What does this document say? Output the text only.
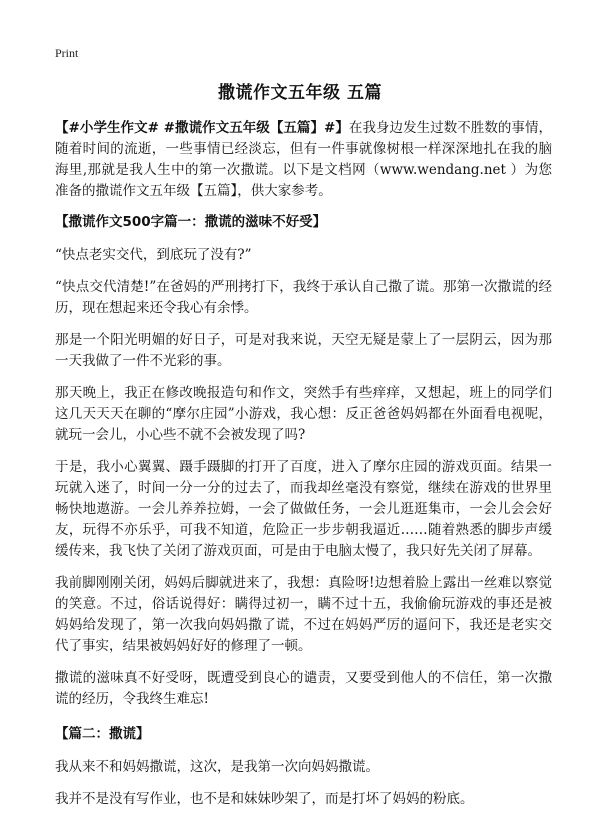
Print
撒谎作文五年级 五篇

【#小学生作文# #撒谎作文五年级【五篇】#】在我身边发生过数不胜数的事情，随着时间的流逝，一些事情已经淡忘，但有一件事就像树根一样深深地扎在我的脑海里,那就是我人生中的第一次撒谎。以下是文档网（www.wendang.net ）为您准备的撒谎作文五年级【五篇】，供大家参考。

【撒谎作文500字篇一：撒谎的滋味不好受】

“快点老实交代，到底玩了没有?”

“快点交代清楚!”在爸妈的严刑拷打下，我终于承认自己撒了谎。那第一次撒谎的经历，现在想起来还令我心有余悸。

那是一个阳光明媚的好日子，可是对我来说，天空无疑是蒙上了一层阴云，因为那一天我做了一件不光彩的事。

那天晚上，我正在修改晚报造句和作文，突然手有些痒痒，又想起，班上的同学们这几天天天在聊的“摩尔庄园”小游戏，我心想：反正爸爸妈妈都在外面看电视呢，就玩一会儿，小心些不就不会被发现了吗?

于是，我小心翼翼、蹑手蹑脚的打开了百度，进入了摩尔庄园的游戏页面。结果一玩就入迷了，时间一分一分的过去了，而我却丝毫没有察觉，继续在游戏的世界里畅快地遨游。一会儿养养拉姆，一会了做做任务，一会儿逛逛集市，一会儿会会好友，玩得不亦乐乎，可我不知道，危险正一步步朝我逼近……随着熟悉的脚步声缓缓传来，我飞快了关闭了游戏页面，可是由于电脑太慢了，我只好先关闭了屏幕。

我前脚刚刚关闭，妈妈后脚就进来了，我想：真险呀!边想着脸上露出一丝难以察觉的笑意。不过，俗话说得好：瞒得过初一，瞒不过十五，我偷偷玩游戏的事还是被妈妈给发现了，第一次我向妈妈撒了谎，不过在妈妈严厉的逼问下，我还是老实交代了事实，结果被妈妈好好的修理了一顿。

撒谎的滋味真不好受呀，既遭受到良心的谴责，又要受到他人的不信任，第一次撒谎的经历，令我终生难忘!

【篇二：撒谎】

我从来不和妈妈撒谎，这次，是我第一次向妈妈撒谎。

我并不是没有写作业，也不是和妹妹吵架了，而是打坏了妈妈的粉底。
